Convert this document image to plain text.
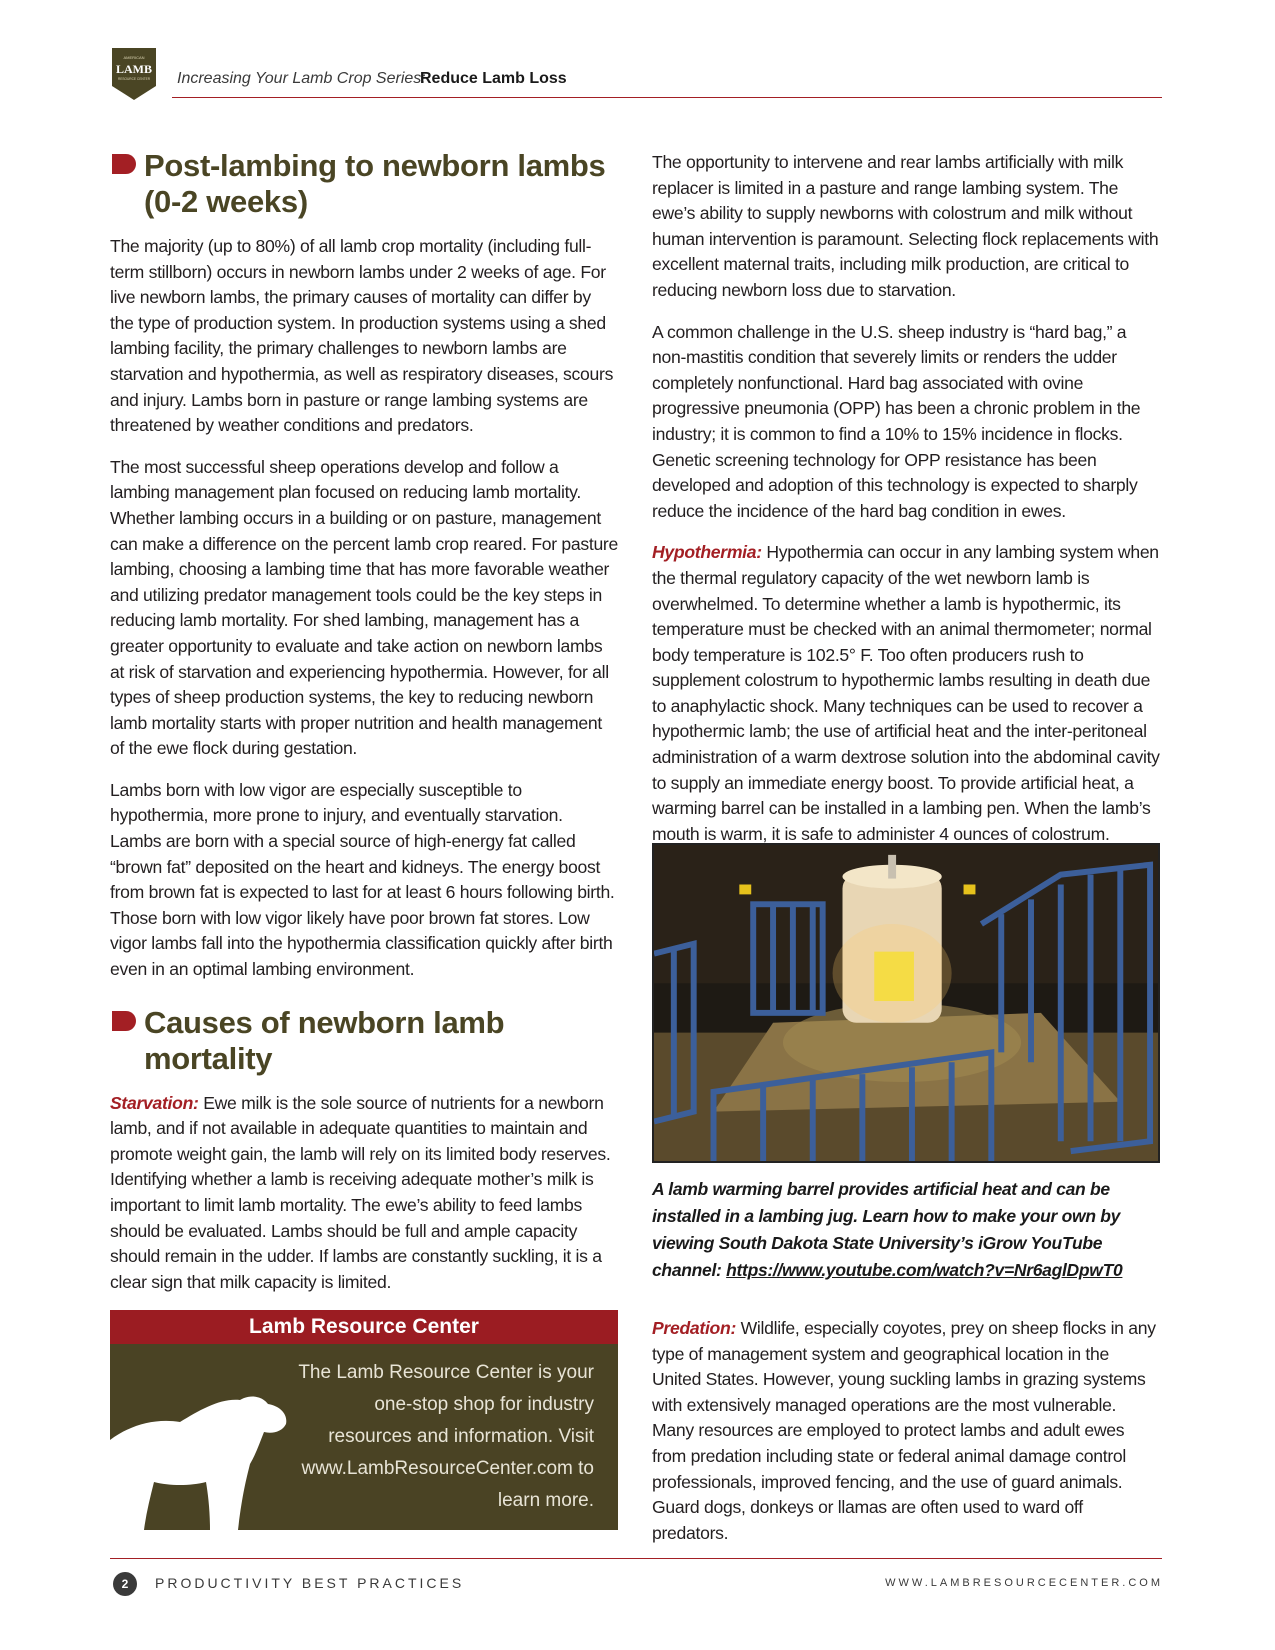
AMERICAN
LAMB
RESOURCE CENTER Increasing Your Lamb Crop Series:
Reduce Lamb Loss
Post-lambing to newborn lambs (0-2 weeks)

The majority (up to 80%) of all lamb crop mortality (including full-term stillborn) occurs in newborn lambs under 2 weeks of age. For live newborn lambs, the primary causes of mortality can differ by the type of production system. In production systems using a shed lambing facility, the primary challenges to newborn lambs are starvation and hypothermia, as well as respiratory diseases, scours and injury. Lambs born in pasture or range lambing systems are threatened by weather conditions and predators.

The most successful sheep operations develop and follow a lambing management plan focused on reducing lamb mortality. Whether lambing occurs in a building or on pasture, management can make a difference on the percent lamb crop reared. For pasture lambing, choosing a lambing time that has more favorable weather and utilizing predator management tools could be the key steps in reducing lamb mortality. For shed lambing, management has a greater opportunity to evaluate and take action on newborn lambs at risk of starvation and experiencing hypothermia. However, for all types of sheep production systems, the key to reducing newborn lamb mortality starts with proper nutrition and health management of the ewe flock during gestation.

Lambs born with low vigor are especially susceptible to hypothermia, more prone to injury, and eventually starvation. Lambs are born with a special source of high-energy fat called “brown fat” deposited on the heart and kidneys. The energy boost from brown fat is expected to last for at least 6 hours following birth. Those born with low vigor likely have poor brown fat stores. Low vigor lambs fall into the hypothermia classification quickly after birth even in an optimal lambing environment.

Causes of newborn lamb mortality

Starvation: Ewe milk is the sole source of nutrients for a newborn lamb, and if not available in adequate quantities to maintain and promote weight gain, the lamb will rely on its limited body reserves. Identifying whether a lamb is receiving adequate mother’s milk is important to limit lamb mortality. The ewe’s ability to feed lambs should be evaluated. Lambs should be full and ample capacity should remain in the udder. If lambs are constantly suckling, it is a clear sign that milk capacity is limited.

Lamb Resource Center
The Lamb Resource Center is your one-stop shop for industry resources and information. Visit www.LambResourceCenter.com to learn more.

The opportunity to intervene and rear lambs artificially with milk replacer is limited in a pasture and range lambing system. The ewe’s ability to supply newborns with colostrum and milk without human intervention is paramount. Selecting flock replacements with excellent maternal traits, including milk production, are critical to reducing newborn loss due to starvation.

A common challenge in the U.S. sheep industry is “hard bag,” a non-mastitis condition that severely limits or renders the udder completely nonfunctional. Hard bag associated with ovine progressive pneumonia (OPP) has been a chronic problem in the industry; it is common to find a 10% to 15% incidence in flocks. Genetic screening technology for OPP resistance has been developed and adoption of this technology is expected to sharply reduce the incidence of the hard bag condition in ewes.

Hypothermia: Hypothermia can occur in any lambing system when the thermal regulatory capacity of the wet newborn lamb is overwhelmed. To determine whether a lamb is hypothermic, its temperature must be checked with an animal thermometer; normal body temperature is 102.5° F. Too often producers rush to supplement colostrum to hypothermic lambs resulting in death due to anaphylactic shock. Many techniques can be used to recover a hypothermic lamb; the use of artificial heat and the inter-peritoneal administration of a warm dextrose solution into the abdominal cavity to supply an immediate energy boost. To provide artificial heat, a warming barrel can be installed in a lambing pen. When the lamb’s mouth is warm, it is safe to administer 4 ounces of colostrum.

A lamb warming barrel provides artificial heat and can be installed in a lambing jug. Learn how to make your own by viewing South Dakota State University’s iGrow YouTube channel: https://www.youtube.com/watch?v=Nr6aglDpwT0

Predation: Wildlife, especially coyotes, prey on sheep flocks in any type of management system and geographical location in the United States. However, young suckling lambs in grazing systems with extensively managed operations are the most vulnerable. Many resources are employed to protect lambs and adult ewes from predation including state or federal animal damage control professionals, improved fencing, and the use of guard animals. Guard dogs, donkeys or llamas are often used to ward off predators.

2	PRODUCTIVITY BEST PRACTICES	WWW.LAMBRESOURCECENTER.COM
